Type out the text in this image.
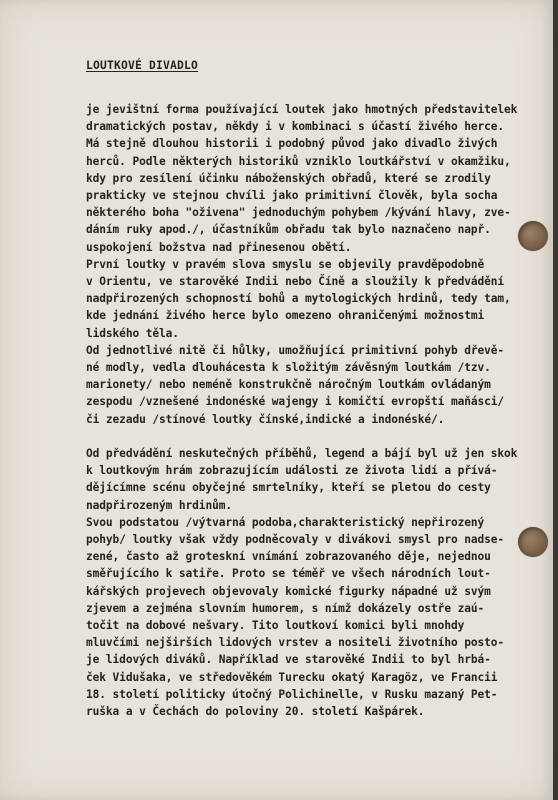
LOUTKOVÉ DIVADLO
je jevištní forma používající loutek jako hmotných představitelek
dramatických postav, někdy i v kombinaci s účastí živého herce.
Má stejně dlouhou historii i podobný původ jako divadlo živých
herců. Podle některých historiků vzniklo loutkářství v okamžiku,
kdy pro zesílení účinku náboženských obřadů, které se zrodily
prakticky ve stejnou chvíli jako primitivní člověk, byla socha
některého boha "oživena" jednoduchým pohybem /kývání hlavy, zve-
dáním ruky apod./, účastníkům obřadu tak bylo naznačeno např.
uspokojení božstva nad přinesenou obětí.
První loutky v pravém slova smyslu se objevily pravděpodobně
v Orientu, ve starověké Indii nebo Číně a sloužily k předvádění
nadpřirozených schopností bohů a mytologických hrdinů, tedy tam,
kde jednání živého herce bylo omezeno ohraničenými možnostmi
lidského těla.
Od jednotlivé nitě či hůlky, umožňující primitivní pohyb dřevě-
né modly, vedla dlouhácesta k složitým závěsným loutkám /tzv.
marionety/ nebo neméně konstrukčně náročným loutkám ovládaným
zespodu /vznešené indonéské wajengy i komičtí evropští maňásci/
či zezadu /stínové loutky čínské,indické a indonéské/.
Od předvádění neskutečných příběhů, legend a bájí byl už jen skok
k loutkovým hrám zobrazujícím události ze života lidí a přívá-
dějícímne scénu obyčejné smrtelníky, kteří se pletou do cesty
nadpřirozeným hrdinům.
Svou podstatou /výtvarná podoba,charakteristický nepřirozený
pohyb/ loutky však vždy podněcovaly v divákovi smysl pro nadse-
zené, často až groteskní vnímání zobrazovaného děje, nejednou
směřujícího k satiře. Proto se téměř ve všech národních lout-
kářských projevech objevovaly komické figurky nápadné už svým
zjevem a zejména slovním humorem, s nímž dokázely ostře zaú-
točit na dobové nešvary. Tito loutkoví komici byli mnohdy
mluvčími nejširších lidových vrstev a nositeli životního posto-
je lidových diváků. Například ve starověké Indii to byl hrbá-
ček Vidušaka, ve středověkém Turecku okatý Karagöz, ve Francii
18. století politicky útočný Polichinelle, v Rusku mazaný Pet-
ruška a v Čechách do poloviny 20. století Kašpárek.
